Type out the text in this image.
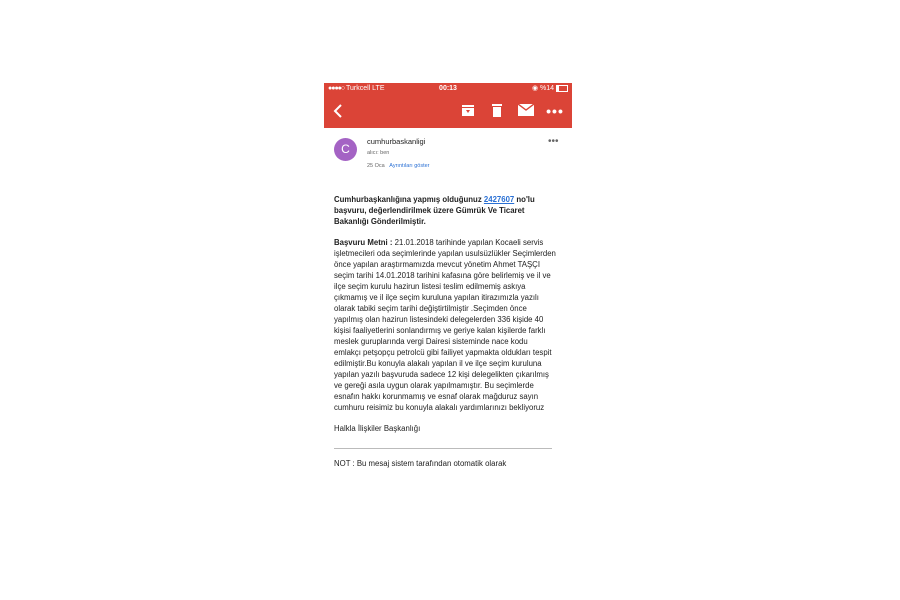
●●●●○ Turkcell LTE	00:13	◉ %14
•••
C
cumhurbaskanligi
alıcı: ben
25 Oca Ayrıntıları göster
•••

Cumhurbaşkanlığına yapmış olduğunuz 2427607 no'lu başvuru, değerlendirilmek üzere Gümrük Ve Ticaret Bakanlığı Gönderilmiştir.

Başvuru Metni : 21.01.2018 tarihinde yapılan Kocaeli servis işletmecileri oda seçimlerinde yapılan usulsüzlükler Seçimlerden önce yapılan araştırmamızda mevcut yönetim Ahmet TAŞÇI seçim tarihi 14.01.2018 tarihini kafasına göre belirlemiş ve il ve ilçe seçim kurulu hazirun listesi teslim edilmemiş askıya çıkmamış ve il ilçe seçim kuruluna yapılan itirazımızla yazılı olarak tabiki seçim tarihi değiştirtilmiştir .Seçimden önce yapılmış olan hazirun listesindeki delegelerden 336 kişide 40 kişisi faaliyetlerini sonlandırmış ve geriye kalan kişilerde farklı meslek guruplarında vergi Dairesi sisteminde nace kodu emlakçı petşopçu petrolcü gibi failiyet yapmakta oldukları tespit edilmiştir.Bu konuyla alakalı yapılan il ve ilçe seçim kuruluna yapılan yazılı başvuruda sadece 12 kişi delegelikten çıkarılmış ve gereği asıla uygun olarak yapılmamıştır. Bu seçimlerde esnafın hakkı korunmamış ve esnaf olarak mağduruz sayın cumhuru reisimiz bu konuyla alakalı yardımlarınızı bekliyoruz

Halkla İlişkiler Başkanlığı

NOT : Bu mesaj sistem tarafından otomatik olarak
